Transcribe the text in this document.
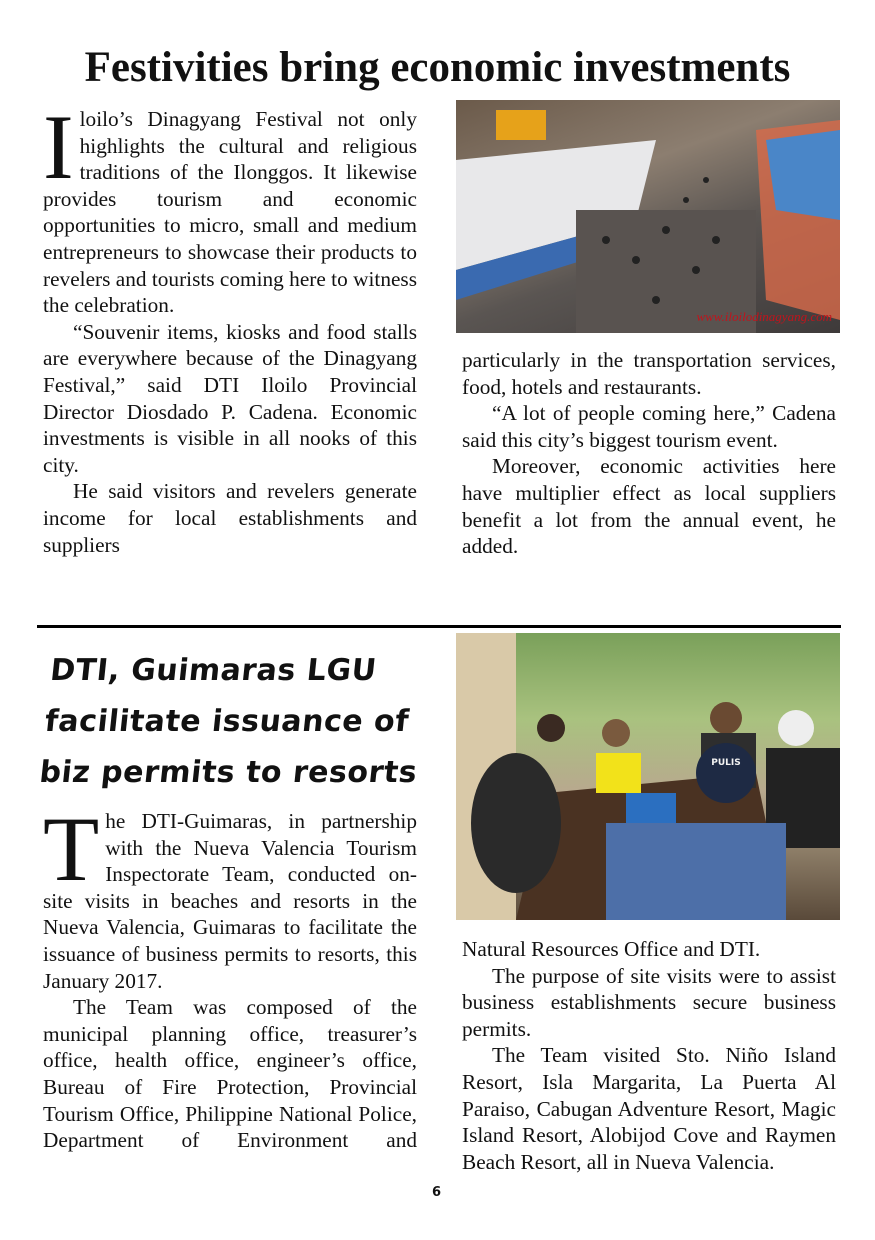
Festivities bring economic investments

Iloilo’s Dinagyang Festival not only highlights the cultural and religious traditions of the Ilonggos. It likewise provides tourism and economic opportunities to micro, small and medium entrepreneurs to showcase their products to revelers and tourists coming here to witness the celebration.

“Souvenir items, kiosks and food stalls are everywhere because of the Dinagyang Festival,” said DTI Iloilo Provincial Director Diosdado P. Cadena. Economic investments is visible in all nooks of this city.

He said visitors and revelers generate income for local establishments and suppliers

www.iloilodinagyang.com

particularly in the transportation services, food, hotels and restaurants.

“A lot of people coming here,” Cadena said this city’s biggest tourism event.

Moreover, economic activities here have multiplier effect as local suppliers benefit a lot from the annual event, he added.

DTI, Guimaras LGU
facilitate issuance of
biz permits to resorts	PULIS

The DTI-Guimaras, in partnership with the Nueva Valencia Tourism Inspectorate Team, conducted on-site visits in beaches and resorts in the Nueva Valencia, Guimaras to facilitate the issuance of business permits to resorts, this January 2017.

The Team was composed of the municipal planning office, treasurer’s office, health office, engineer’s office, Bureau of Fire Protection, Provincial Tourism Office, Philippine National Police, Department of Environment and

Natural Resources Office and DTI.

The purpose of site visits were to assist business establishments secure business permits.

The Team visited Sto. Niño Island Resort, Isla Margarita, La Puerta Al Paraiso, Cabugan Adventure Resort, Magic Island Resort, Alobijod Cove and Raymen Beach Resort, all in Nueva Valencia.

6
